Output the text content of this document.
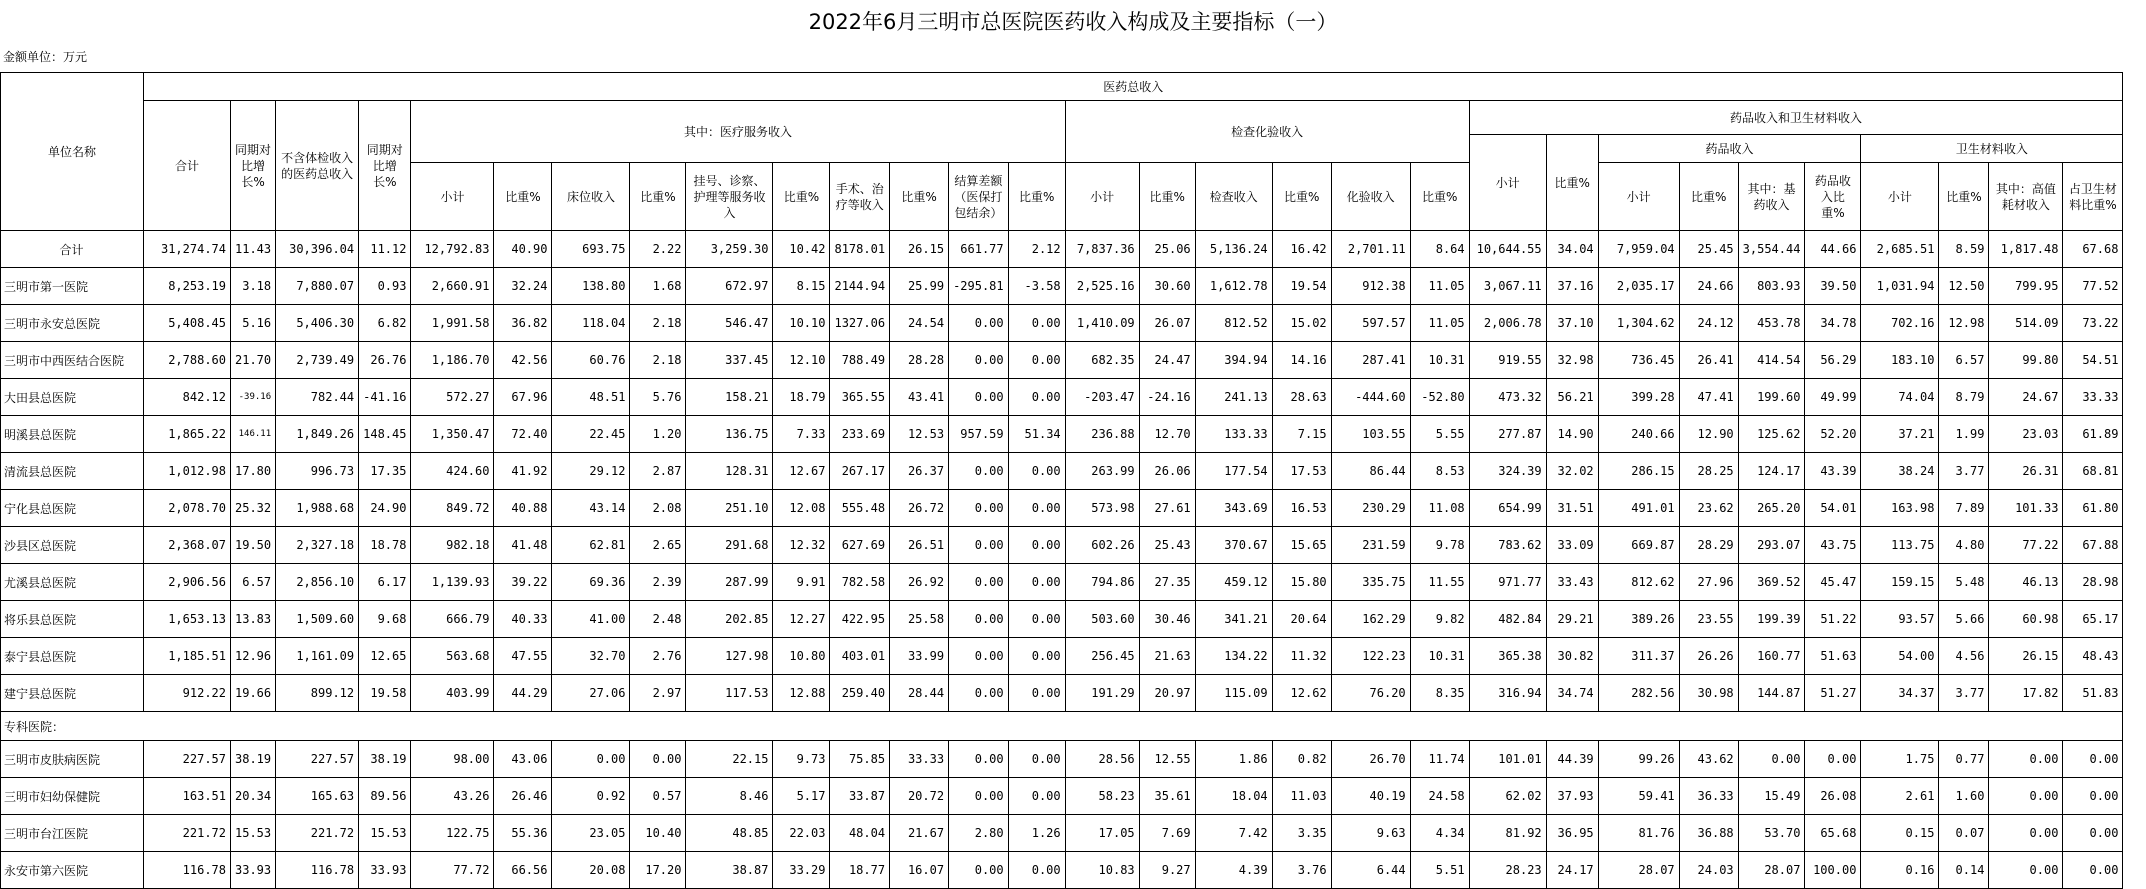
2022年6月三明市总医院医药收入构成及主要指标（一）
金额单位：万元
单位名称	医药总收入																													
	合计	同期对比增长%	不含体检收入的医药总收入	同期对比增长%	其中：医疗服务收入										检查化验收入						药品收入和卫生材料收入									
																					小计	比重%	药品收入				卫生材料收入			
					小计	比重%	床位收入	比重%	挂号、诊察、护理等服务收入	比重%	手术、治疗等收入	比重%	结算差额（医保打包结余）	比重%	小计	比重%	检查收入	比重%	化验收入	比重%			小计	比重%	其中：基药收入	药品收入比重%	小计	比重%	其中：高值耗材收入	占卫生材料比重%
合计	31,274.74	11.43	30,396.04	11.12	12,792.83	40.90	693.75	2.22	3,259.30	10.42	8178.01	26.15	661.77	2.12	7,837.36	25.06	5,136.24	16.42	2,701.11	8.64	10,644.55	34.04	7,959.04	25.45	3,554.44	44.66	2,685.51	8.59	1,817.48	67.68
三明市第一医院	8,253.19	3.18	7,880.07	0.93	2,660.91	32.24	138.80	1.68	672.97	8.15	2144.94	25.99	-295.81	-3.58	2,525.16	30.60	1,612.78	19.54	912.38	11.05	3,067.11	37.16	2,035.17	24.66	803.93	39.50	1,031.94	12.50	799.95	77.52
三明市永安总医院	5,408.45	5.16	5,406.30	6.82	1,991.58	36.82	118.04	2.18	546.47	10.10	1327.06	24.54	0.00	0.00	1,410.09	26.07	812.52	15.02	597.57	11.05	2,006.78	37.10	1,304.62	24.12	453.78	34.78	702.16	12.98	514.09	73.22
三明市中西医结合医院	2,788.60	21.70	2,739.49	26.76	1,186.70	42.56	60.76	2.18	337.45	12.10	788.49	28.28	0.00	0.00	682.35	24.47	394.94	14.16	287.41	10.31	919.55	32.98	736.45	26.41	414.54	56.29	183.10	6.57	99.80	54.51
大田县总医院	842.12	-39.16	782.44	-41.16	572.27	67.96	48.51	5.76	158.21	18.79	365.55	43.41	0.00	0.00	-203.47	-24.16	241.13	28.63	-444.60	-52.80	473.32	56.21	399.28	47.41	199.60	49.99	74.04	8.79	24.67	33.33
明溪县总医院	1,865.22	146.11	1,849.26	148.45	1,350.47	72.40	22.45	1.20	136.75	7.33	233.69	12.53	957.59	51.34	236.88	12.70	133.33	7.15	103.55	5.55	277.87	14.90	240.66	12.90	125.62	52.20	37.21	1.99	23.03	61.89
清流县总医院	1,012.98	17.80	996.73	17.35	424.60	41.92	29.12	2.87	128.31	12.67	267.17	26.37	0.00	0.00	263.99	26.06	177.54	17.53	86.44	8.53	324.39	32.02	286.15	28.25	124.17	43.39	38.24	3.77	26.31	68.81
宁化县总医院	2,078.70	25.32	1,988.68	24.90	849.72	40.88	43.14	2.08	251.10	12.08	555.48	26.72	0.00	0.00	573.98	27.61	343.69	16.53	230.29	11.08	654.99	31.51	491.01	23.62	265.20	54.01	163.98	7.89	101.33	61.80
沙县区总医院	2,368.07	19.50	2,327.18	18.78	982.18	41.48	62.81	2.65	291.68	12.32	627.69	26.51	0.00	0.00	602.26	25.43	370.67	15.65	231.59	9.78	783.62	33.09	669.87	28.29	293.07	43.75	113.75	4.80	77.22	67.88
尤溪县总医院	2,906.56	6.57	2,856.10	6.17	1,139.93	39.22	69.36	2.39	287.99	9.91	782.58	26.92	0.00	0.00	794.86	27.35	459.12	15.80	335.75	11.55	971.77	33.43	812.62	27.96	369.52	45.47	159.15	5.48	46.13	28.98
将乐县总医院	1,653.13	13.83	1,509.60	9.68	666.79	40.33	41.00	2.48	202.85	12.27	422.95	25.58	0.00	0.00	503.60	30.46	341.21	20.64	162.29	9.82	482.84	29.21	389.26	23.55	199.39	51.22	93.57	5.66	60.98	65.17
泰宁县总医院	1,185.51	12.96	1,161.09	12.65	563.68	47.55	32.70	2.76	127.98	10.80	403.01	33.99	0.00	0.00	256.45	21.63	134.22	11.32	122.23	10.31	365.38	30.82	311.37	26.26	160.77	51.63	54.00	4.56	26.15	48.43
建宁县总医院	912.22	19.66	899.12	19.58	403.99	44.29	27.06	2.97	117.53	12.88	259.40	28.44	0.00	0.00	191.29	20.97	115.09	12.62	76.20	8.35	316.94	34.74	282.56	30.98	144.87	51.27	34.37	3.77	17.82	51.83
专科医院：																														
三明市皮肤病医院	227.57	38.19	227.57	38.19	98.00	43.06	0.00	0.00	22.15	9.73	75.85	33.33	0.00	0.00	28.56	12.55	1.86	0.82	26.70	11.74	101.01	44.39	99.26	43.62	0.00	0.00	1.75	0.77	0.00	0.00
三明市妇幼保健院	163.51	20.34	165.63	89.56	43.26	26.46	0.92	0.57	8.46	5.17	33.87	20.72	0.00	0.00	58.23	35.61	18.04	11.03	40.19	24.58	62.02	37.93	59.41	36.33	15.49	26.08	2.61	1.60	0.00	0.00
三明市台江医院	221.72	15.53	221.72	15.53	122.75	55.36	23.05	10.40	48.85	22.03	48.04	21.67	2.80	1.26	17.05	7.69	7.42	3.35	9.63	4.34	81.92	36.95	81.76	36.88	53.70	65.68	0.15	0.07	0.00	0.00
永安市第六医院	116.78	33.93	116.78	33.93	77.72	66.56	20.08	17.20	38.87	33.29	18.77	16.07	0.00	0.00	10.83	9.27	4.39	3.76	6.44	5.51	28.23	24.17	28.07	24.03	28.07	100.00	0.16	0.14	0.00	0.00
